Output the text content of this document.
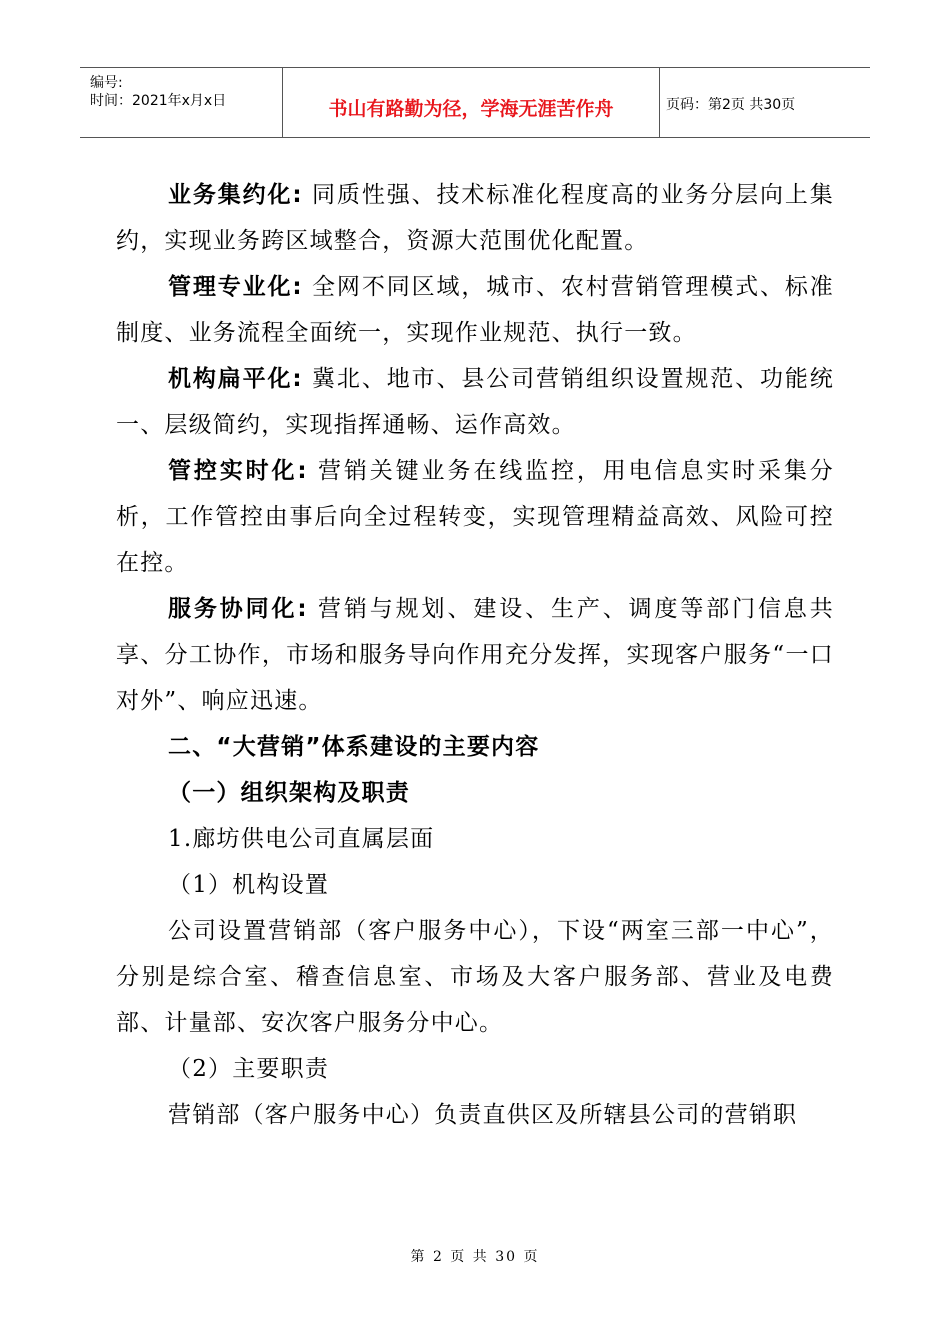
编号:
时间：2021年x月x日	书山有路勤为径，学海无涯苦作舟	页码：第2页 共30页

业务集约化: 同质性强、技术标准化程度高的业务分层向上集约，实现业务跨区域整合，资源大范围优化配置。

管理专业化: 全网不同区域，城市、农村营销管理模式、标准制度、业务流程全面统一，实现作业规范、执行一致。

机构扁平化: 冀北、地市、县公司营销组织设置规范、功能统一、层级简约，实现指挥通畅、运作高效。

管控实时化: 营销关键业务在线监控，用电信息实时采集分析，工作管控由事后向全过程转变，实现管理精益高效、风险可控在控。

服务协同化: 营销与规划、建设、生产、调度等部门信息共享、分工协作，市场和服务导向作用充分发挥，实现客户服务“一口对外”、响应迅速。

二、“大营销”体系建设的主要内容

（一）组织架构及职责

1.廊坊供电公司直属层面

（1）机构设置

公司设置营销部（客户服务中心），下设“两室三部一中心”，分别是综合室、稽查信息室、市场及大客户服务部、营业及电费部、计量部、安次客户服务分中心。

（2）主要职责

营销部（客户服务中心）负责直供区及所辖县公司的营销职

第 2 页 共 30 页
